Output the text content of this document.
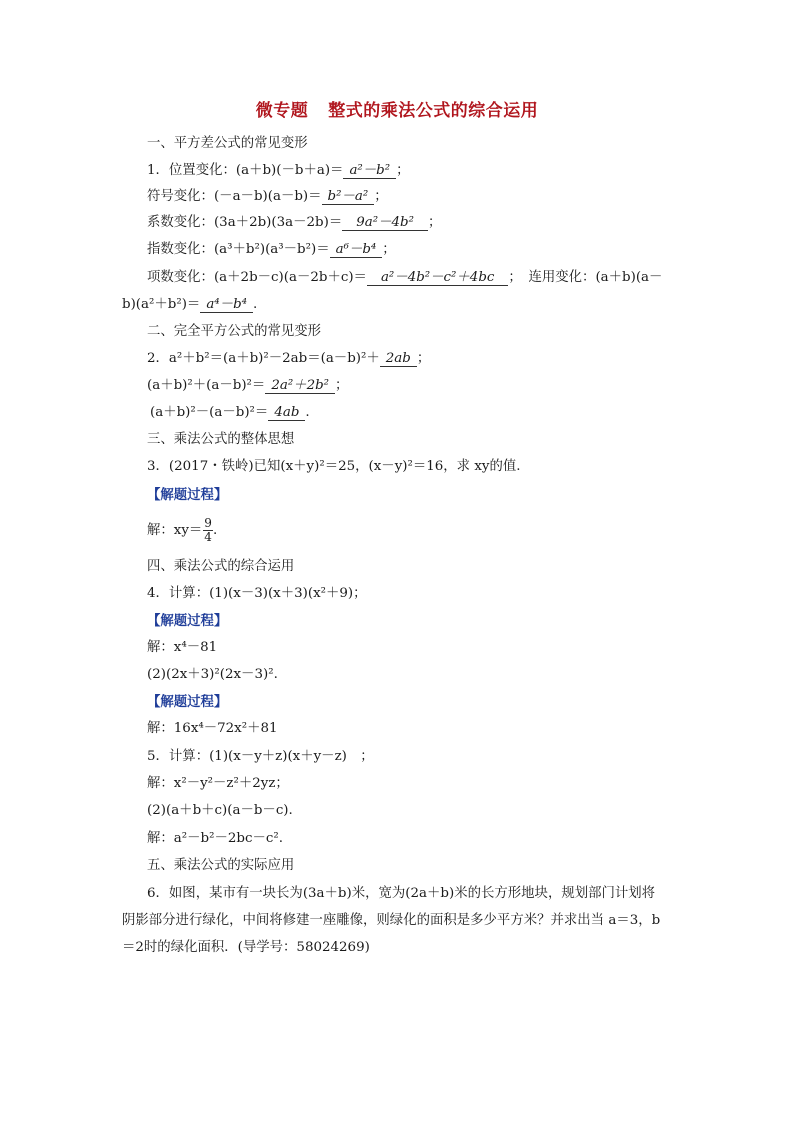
微专题 整式的乘法公式的综合运用
一、平方差公式的常见变形
1．位置变化：(a＋b)(－b＋a)＝ a²－b² ；
符号变化：(－a－b)(a－b)＝ b²－a² ；
系数变化：(3a＋2b)(3a－2b)＝ 9a²－4b² ；
指数变化：(a³＋b²)(a³－b²)＝ a⁶－b⁴ ；
项数变化：(a＋2b－c)(a－2b＋c)＝ a²－4b²－c²＋4bc ；　连用变化：(a＋b)(a－
b)(a²＋b²)＝ a⁴－b⁴ .
二、完全平方公式的常见变形
2．a²＋b²＝(a＋b)²－2ab＝(a－b)²＋ 2ab ；
(a＋b)²＋(a－b)²＝ 2a²＋2b² ；
(a＋b)²－(a－b)²＝ 4ab .
三、乘法公式的整体思想
3．(2017・铁岭)已知(x＋y)²＝25，(x－y)²＝16，求 xy的值.
【解题过程】
解：$xy= \frac{9}{4}$ .
四、乘法公式的综合运用
4．计算：(1)(x－3)(x＋3)(x²＋9)；
【解题过程】
解：x⁴－81
(2)(2x＋3)²(2x－3)².
【解题过程】
解：16x⁴－72x²＋81
5．计算：(1)(x－y＋z)(x＋y－z)　；
解：x²－y²－z²＋2yz；
(2)(a＋b＋c)(a－b－c).
解：a²－b²－2bc－c².
五、乘法公式的实际应用
6．如图，某市有一块长为(3a＋b)米，宽为(2a＋b)米的长方形地块，规划部门计划将
阴影部分进行绿化，中间将修建一座雕像，则绿化的面积是多少平方米？并求出当 a＝3，b
＝2时的绿化面积．(导学号：58024269)
